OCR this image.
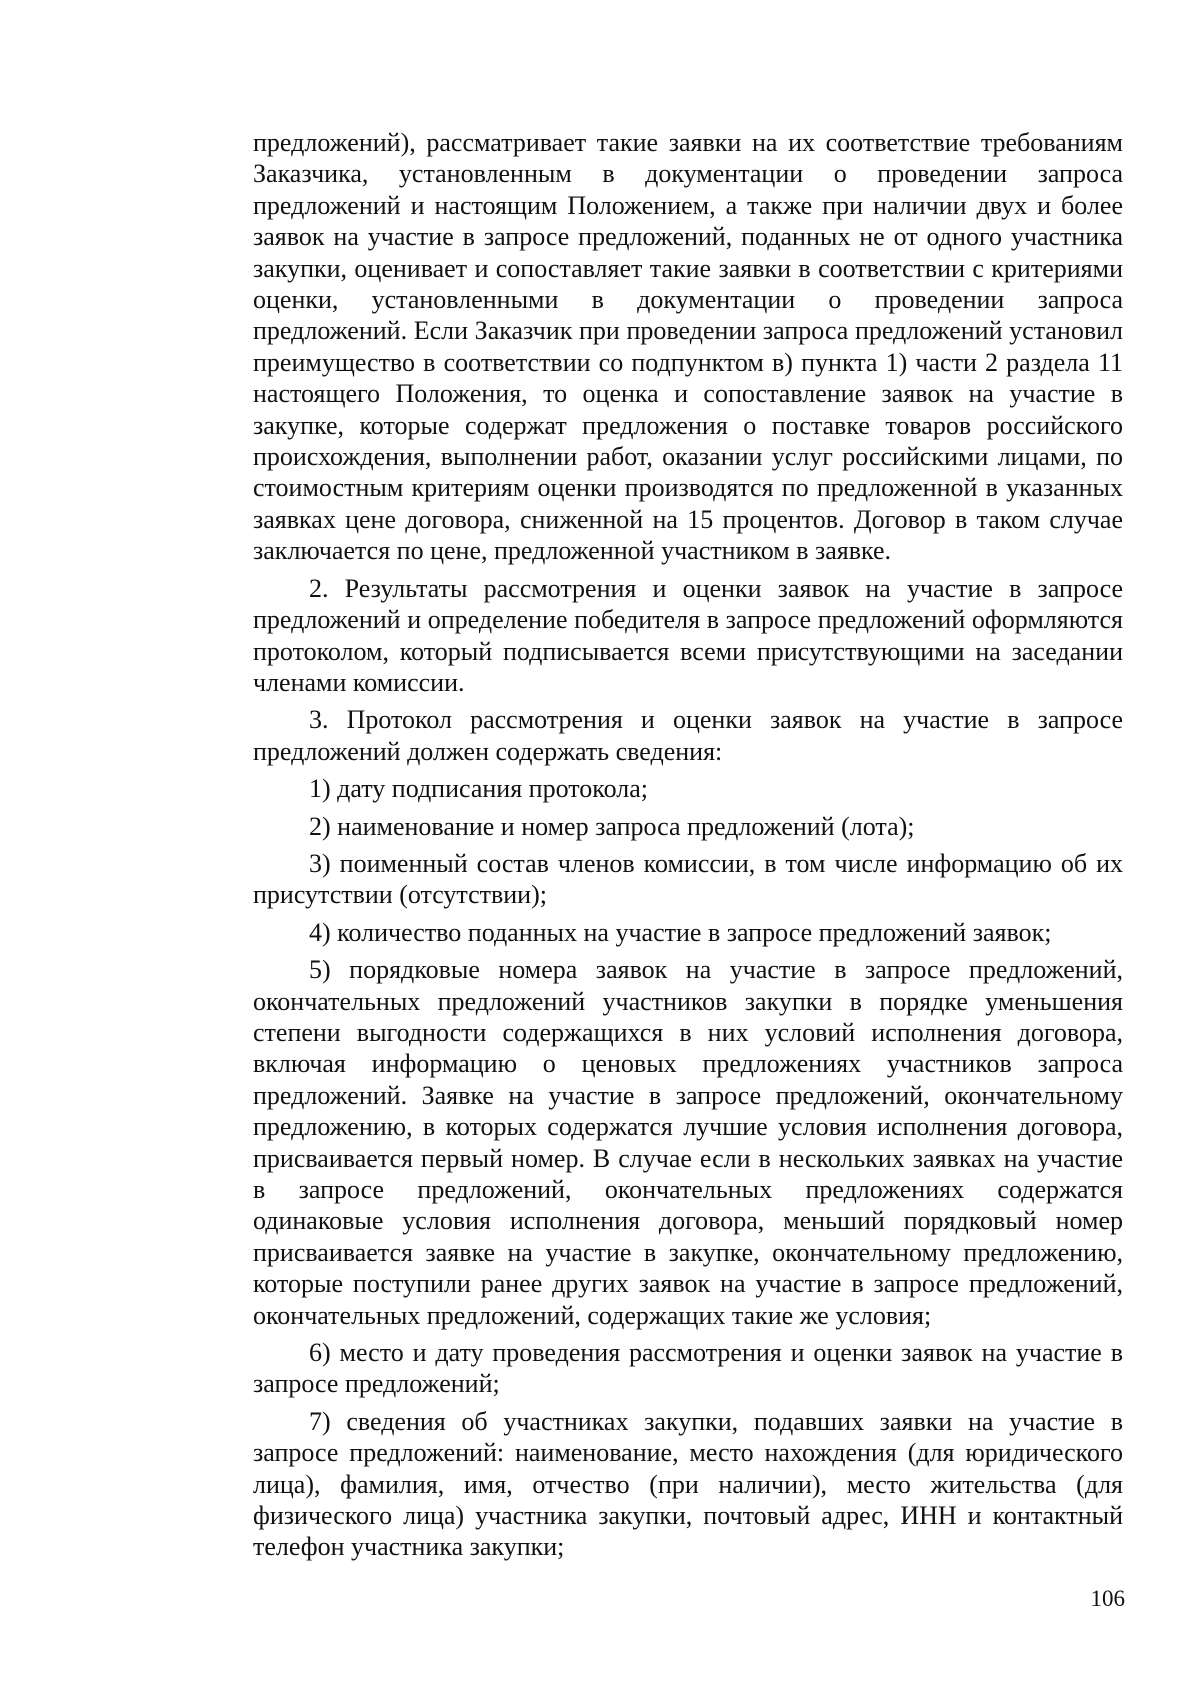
предложений), рассматривает такие заявки на их соответствие требованиям Заказчика, установленным в документации о проведении запроса предложений и настоящим Положением, а также при наличии двух и более заявок на участие в запросе предложений, поданных не от одного участника закупки, оценивает и сопоставляет такие заявки в соответствии с критериями оценки, установленными в документации о проведении запроса предложений. Если Заказчик при проведении запроса предложений установил преимущество в соответствии со подпунктом в) пункта 1) части 2 раздела 11 настоящего Положения, то оценка и сопоставление заявок на участие в закупке, которые содержат предложения о поставке товаров российского происхождения, выполнении работ, оказании услуг российскими лицами, по стоимостным критериям оценки производятся по предложенной в указанных заявках цене договора, сниженной на 15 процентов. Договор в таком случае заключается по цене, предложенной участником в заявке.

2. Результаты рассмотрения и оценки заявок на участие в запросе предложений и определение победителя в запросе предложений оформляются протоколом, который подписывается всеми присутствующими на заседании членами комиссии.

3. Протокол рассмотрения и оценки заявок на участие в запросе предложений должен содержать сведения:

1) дату подписания протокола;

2) наименование и номер запроса предложений (лота);

3) поименный состав членов комиссии, в том числе информацию об их присутствии (отсутствии);

4) количество поданных на участие в запросе предложений заявок;

5) порядковые номера заявок на участие в запросе предложений, окончательных предложений участников закупки в порядке уменьшения степени выгодности содержащихся в них условий исполнения договора, включая информацию о ценовых предложениях участников запроса предложений. Заявке на участие в запросе предложений, окончательному предложению, в которых содержатся лучшие условия исполнения договора, присваивается первый номер. В случае если в нескольких заявках на участие в запросе предложений, окончательных предложениях содержатся одинаковые условия исполнения договора, меньший порядковый номер присваивается заявке на участие в закупке, окончательному предложению, которые поступили ранее других заявок на участие в запросе предложений, окончательных предложений, содержащих такие же условия;

6) место и дату проведения рассмотрения и оценки заявок на участие в запросе предложений;

7) сведения об участниках закупки, подавших заявки на участие в запросе предложений: наименование, место нахождения (для юридического лица), фамилия, имя, отчество (при наличии), место жительства (для физического лица) участника закупки, почтовый адрес, ИНН и контактный телефон участника закупки;

106
